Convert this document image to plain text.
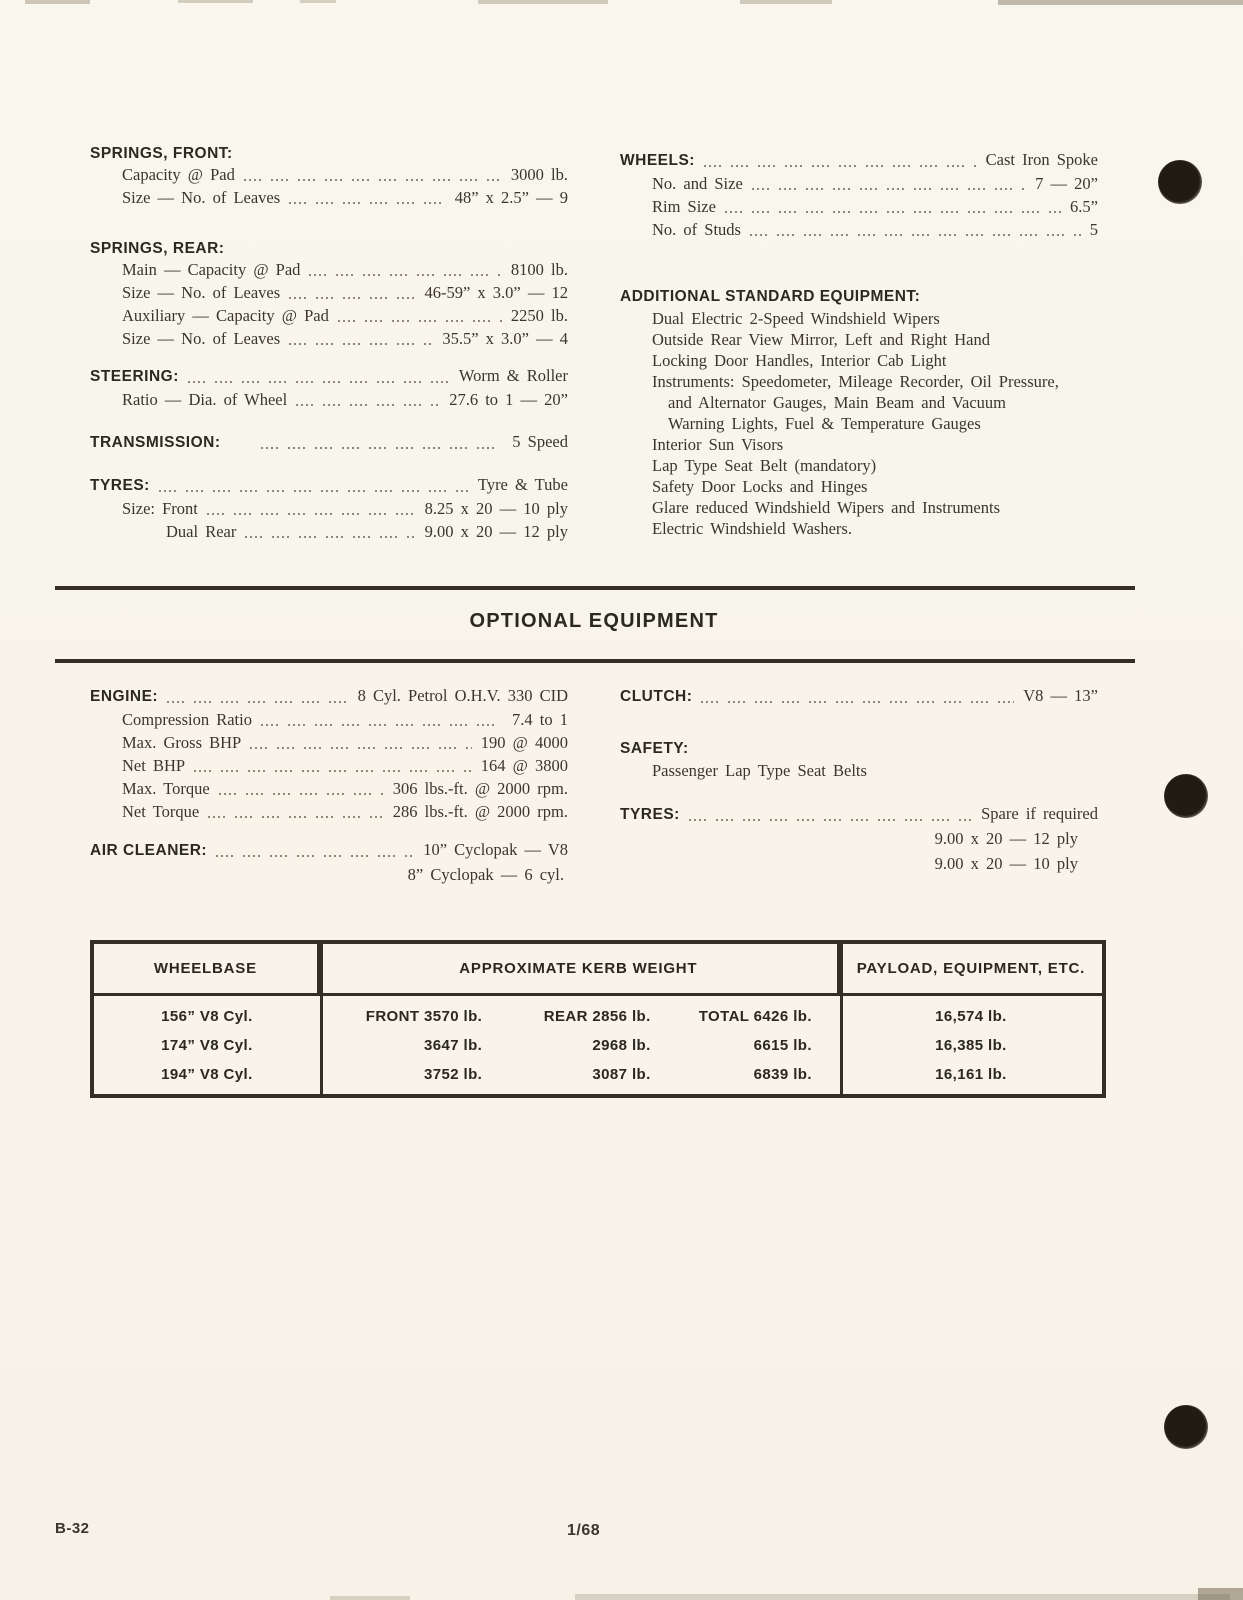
SPRINGS, FRONT:
Capacity @ Pad	3000 lb.
Size — No. of Leaves	48” x 2.5” — 9
SPRINGS, REAR:
Main — Capacity @ Pad	8100 lb.
Size — No. of Leaves	46-59” x 3.0” — 12
Auxiliary — Capacity @ Pad	2250 lb.
Size — No. of Leaves	35.5” x 3.0” — 4
STEERING:	Worm & Roller
Ratio — Dia. of Wheel	27.6 to 1 — 20”
TRANSMISSION:	5 Speed
TYRES:	Tyre & Tube
Size: Front	8.25 x 20 — 10 ply
Dual Rear	9.00 x 20 — 12 ply
WHEELS:	Cast Iron Spoke
No. and Size	7 — 20”
Rim Size	6.5”
No. of Studs	5
ADDITIONAL STANDARD EQUIPMENT:
Dual Electric 2-Speed Windshield Wipers
Outside Rear View Mirror, Left and Right Hand
Locking Door Handles, Interior Cab Light
Instruments: Speedometer, Mileage Recorder, Oil Pressure,
and Alternator Gauges, Main Beam and Vacuum
Warning Lights, Fuel & Temperature Gauges
Interior Sun Visors
Lap Type Seat Belt (mandatory)
Safety Door Locks and Hinges
Glare reduced Windshield Wipers and Instruments
Electric Windshield Washers.
OPTIONAL EQUIPMENT
ENGINE:	8 Cyl. Petrol O.H.V. 330 CID
Compression Ratio	7.4 to 1
Max. Gross BHP	190 @ 4000
Net BHP	164 @ 3800
Max. Torque	306 lbs.-ft. @ 2000 rpm.
Net Torque	286 lbs.-ft. @ 2000 rpm.
AIR CLEANER:	10” Cyclopak — V8
8” Cyclopak — 6 cyl.
CLUTCH:	V8 — 13”
SAFETY:
Passenger Lap Type Seat Belts
TYRES:	Spare if required
9.00 x 20 — 12 ply
9.00 x 20 — 10 ply
WHEELBASE	APPROXIMATE KERB WEIGHT	PAYLOAD, EQUIPMENT, ETC.
156” V8 Cyl.	FRONT 3570 lb.	REAR 2856 lb.	TOTAL 6426 lb.	16,574 lb.
174” V8 Cyl.	3647 lb.	2968 lb.	6615 lb.	16,385 lb.
194” V8 Cyl.	3752 lb.	3087 lb.	6839 lb.	16,161 lb.
B-32	1/68
